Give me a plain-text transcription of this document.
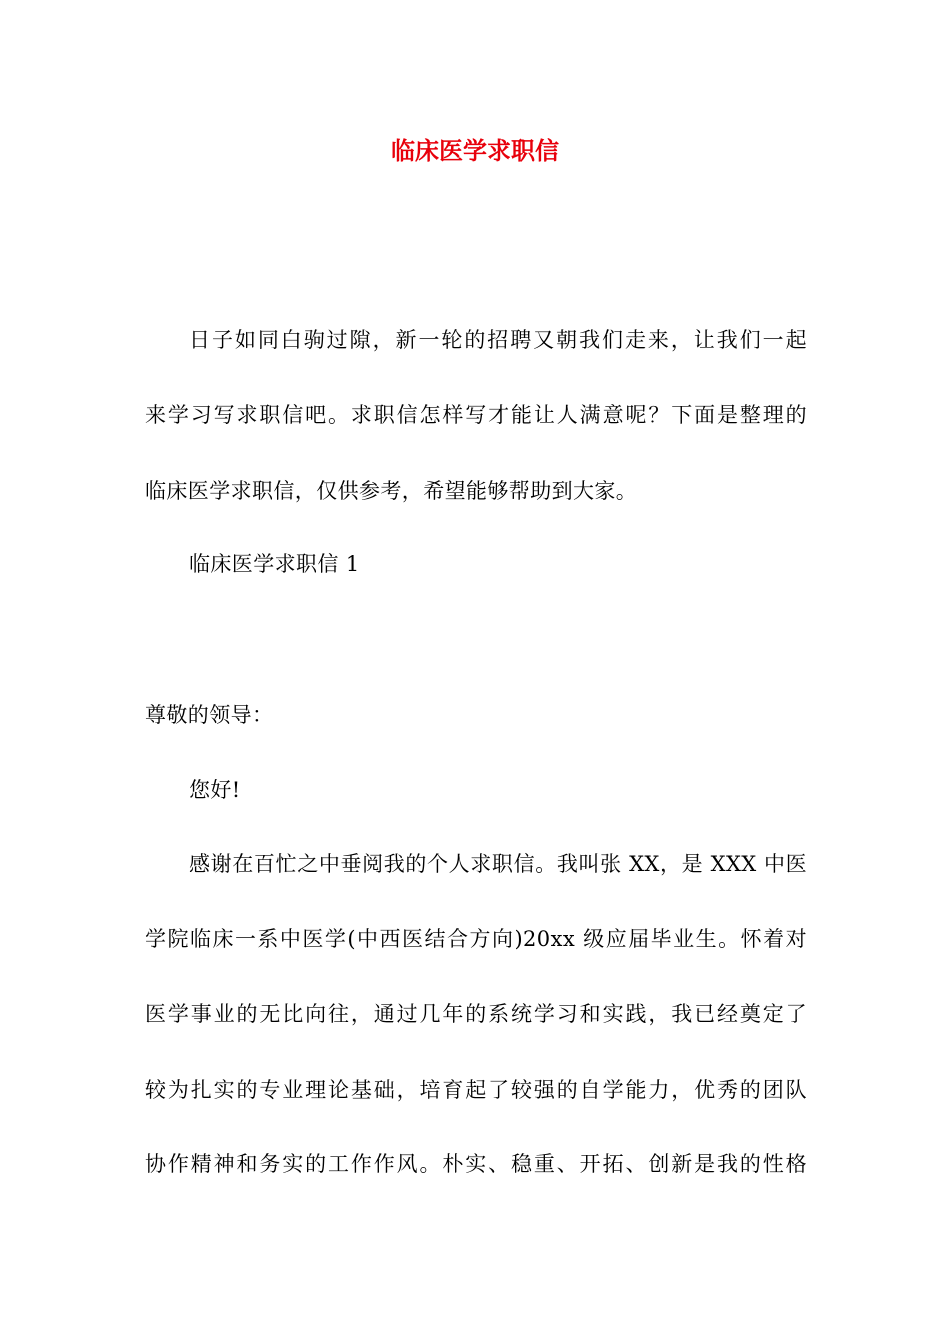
临床医学求职信
日子如同白驹过隙，新一轮的招聘又朝我们走来，让我们一起
来学习写求职信吧。求职信怎样写才能让人满意呢？下面是整理的
临床医学求职信，仅供参考，希望能够帮助到大家。
临床医学求职信 1
尊敬的领导：
您好!
感谢在百忙之中垂阅我的个人求职信。我叫张 XX，是 XXX 中医
学院临床一系中医学(中西医结合方向)20xx 级应届毕业生。怀着对
医学事业的无比向往，通过几年的系统学习和实践，我已经奠定了
较为扎实的专业理论基础，培育起了较强的自学能力，优秀的团队
协作精神和务实的工作作风。朴实、稳重、开拓、创新是我的性格
